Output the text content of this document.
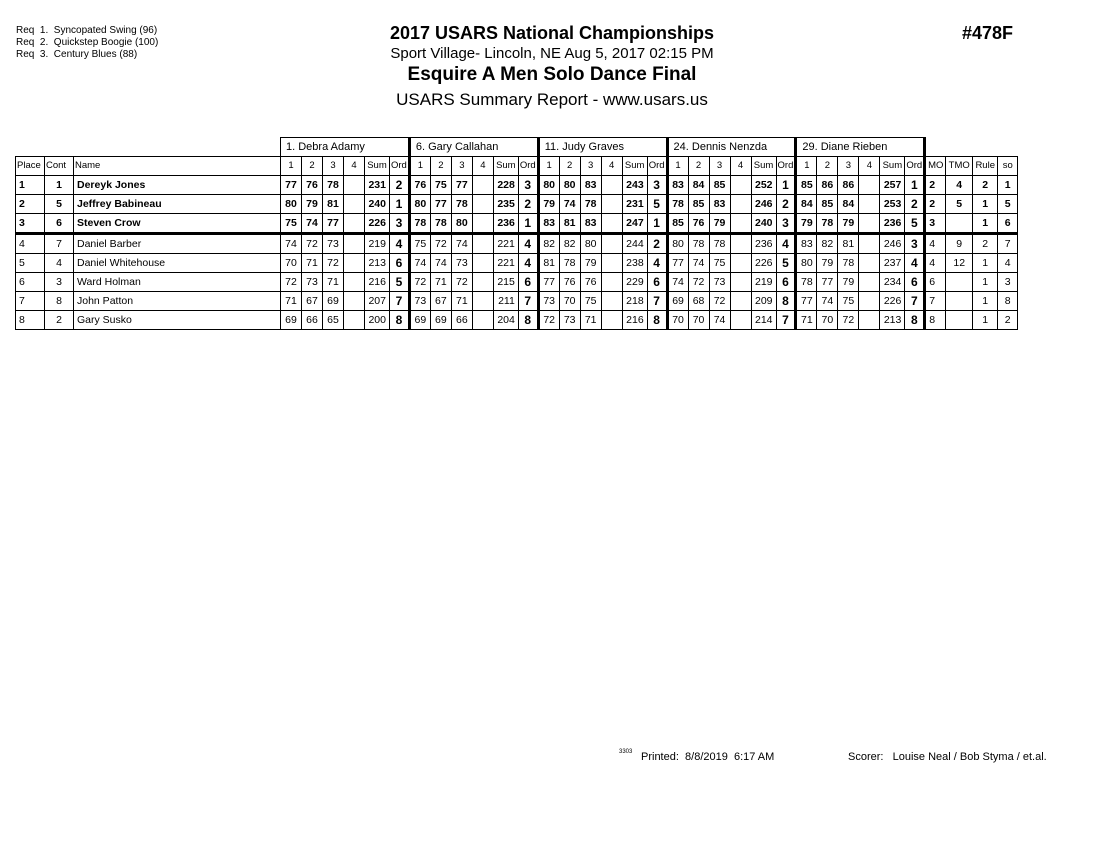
Req  1.  Syncopated Swing (96)
Req  2.  Quickstep Boogie (100)
Req  3.  Century Blues (88)
2017 USARS National Championships
Sport Village- Lincoln, NE Aug 5, 2017 02:15 PM
Esquire A Men Solo Dance Final
USARS Summary Report - www.usars.us
#478F
			1. Debra Adamy						6. Gary Callahan						11. Judy Graves						24. Dennis Nenzda						29. Diane Rieben									
Place	Cont	Name	1	2	3	4	Sum	Ord	1	2	3	4	Sum	Ord	1	2	3	4	Sum	Ord	1	2	3	4	Sum	Ord	1	2	3	4	Sum	Ord	MO	TMO	Rule	so
1	1	Dereyk Jones	77	76	78		231	2	76	75	77		228	3	80	80	83		243	3	83	84	85		252	1	85	86	86		257	1	2	4	2	1
2	5	Jeffrey Babineau	80	79	81		240	1	80	77	78		235	2	79	74	78		231	5	78	85	83		246	2	84	85	84		253	2	2	5	1	5
3	6	Steven Crow	75	74	77		226	3	78	78	80		236	1	83	81	83		247	1	85	76	79		240	3	79	78	79		236	5	3		1	6
4	7	Daniel Barber	74	72	73		219	4	75	72	74		221	4	82	82	80		244	2	80	78	78		236	4	83	82	81		246	3	4	9	2	7
5	4	Daniel Whitehouse	70	71	72		213	6	74	74	73		221	4	81	78	79		238	4	77	74	75		226	5	80	79	78		237	4	4	12	1	4
6	3	Ward Holman	72	73	71		216	5	72	71	72		215	6	77	76	76		229	6	74	72	73		219	6	78	77	79		234	6	6		1	3
7	8	John Patton	71	67	69		207	7	73	67	71		211	7	73	70	75		218	7	69	68	72		209	8	77	74	75		226	7	7		1	8
8	2	Gary Susko	69	66	65		200	8	69	69	66		204	8	72	73	71		216	8	70	70	74		214	7	71	70	72		213	8	8		1	2
3303 Printed:  8/8/2019  6:17 AM	Scorer:   Louise Neal / Bob Styma / et.al.
